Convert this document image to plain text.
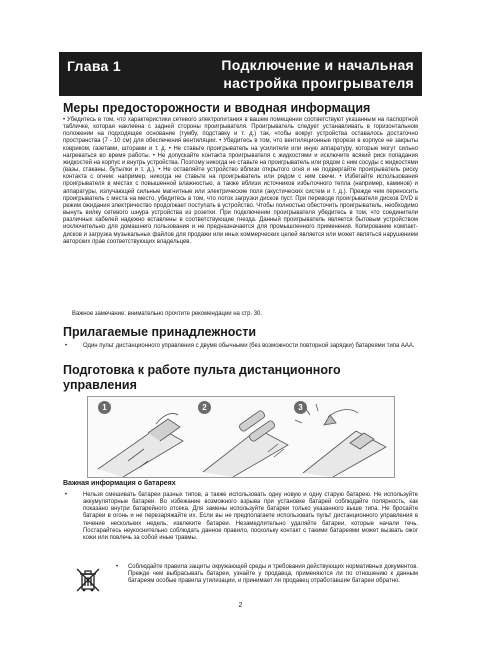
Глава 1	Подключение и начальная
настройка проигрывателя
Меры предосторожности и вводная информация

• Убедитесь в том, что характеристики сетевого электропитания в вашем помещении соответствуют указанным на паспортной табличке, которая наклеена с задней стороны проигрывателя. Проигрыватель следует устанавливать в горизонтальном положении на подходящее основание (тумбу, подставку и т. д.) так, чтобы вокруг устройства оставалось достаточно пространства (7 - 10 см) для обеспечения вентиляции. • Убедитесь в том, что вентиляционные прорези в корпусе не закрыты ковриком, газетами, шторами и т. д. • Не ставьте проигрыватель на усилители или иную аппаратуру, которые могут сильно нагреваться во время работы. • Не допускайте контакта проигрывателя с жидкостями и исключите всякий риск попадания жидкостей на корпус и внутрь устройства. Поэтому никогда не ставьте на проигрыватель или рядом с ним сосуды с жидкостями (вазы, стаканы, бутылки и т. д.). • Не оставляйте устройство вблизи открытого огня и не подвергайте проигрыватель риску контакта с огнем: например, никогда не ставьте на проигрыватель или рядом с ним свечи. • Избегайте использования проигрывателя в местах с повышенной влажностью, а также вблизи источников избыточного тепла (например, каминов) и аппаратуры, излучающей сильные магнитные или электрические поля (акустических систем и т. д.). Прежде чем переносить проигрыватель с места на место, убедитесь в том, что лоток загрузки дисков пуст. При переводе проигрывателя дисков DVD в режим ожидания электричество продолжает поступать в устройство. Чтобы полностью обесточить проигрыватель, необходимо вынуть вилку сетевого шнура устройства из розетки. При подключении проигрывателя убедитесь в том, что соединители различных кабелей надежно вставлены в соответствующие гнезда. Данный проигрыватель является бытовым устройством исключительно для домашнего пользования и не предназначается для промышленного применения. Копирование компакт-дисков и загрузка музыкальных файлов для продажи или иных коммерческих целей является или может являться нарушением авторских прав соответствующих владельцев.

Важное замечание: внимательно прочтите рекомендации на стр. 30.

Прилагаемые принадлежности
•	Один пульт дистанционного управления с двумя обычными (без возможности повторной зарядки) батареями типа AAA.
Подготовка к работе пульта дистанционного
управления
1	2	3
Важная информация о батареях
•	Нельзя смешивать батареи разных типов, а также использовать одну новую и одну старую батарею. Не используйте аккумуляторные батареи. Во избежание возможного взрыва при установке батарей соблюдайте полярность, как показано внутри батарейного отсека. Для замены используйте батареи только указанного выше типа. Не бросайте батареи в огонь и не перезаряжайте их. Если вы не предполагаете использовать пульт дистанционного управления в течение нескольких недель, извлеките батареи. Незамедлительно удаляйте батареи, которые начали течь. Постарайтесь неукоснительно соблюдать данное правило, поскольку контакт с такими батареями может вызвать ожог кожи или повлечь за собой иные травмы.
• Соблюдайте правила защиты окружающей среды и требования действующих нормативных документов. Прежде чем выбрасывать батареи, узнайте у продавца, применяются ли по отношению к данным батареям особые правила утилизации, и принимает ли продавец отработавшие батареи обратно.
2
